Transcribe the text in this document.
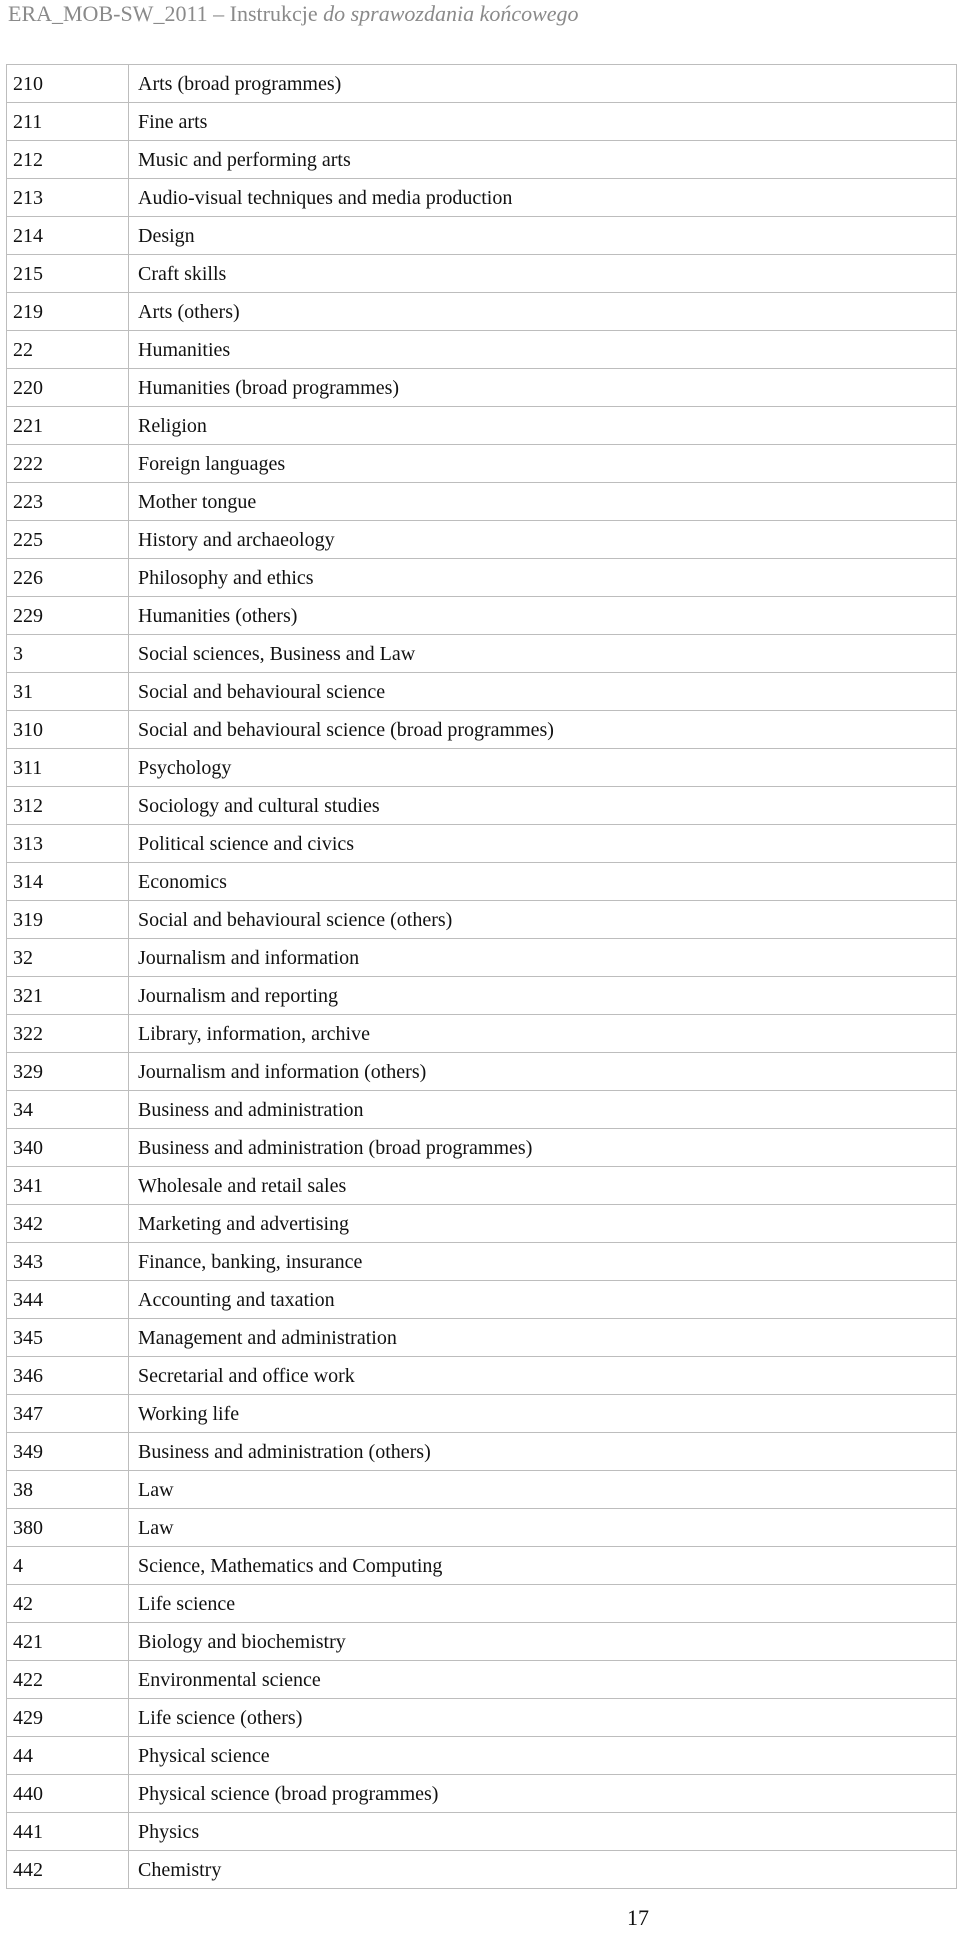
ERA_MOB-SW_2011 – Instrukcje do sprawozdania końcowego
210	Arts (broad programmes)
211	Fine arts
212	Music and performing arts
213	Audio-visual techniques and media production
214	Design
215	Craft skills
219	Arts (others)
22	Humanities
220	Humanities (broad programmes)
221	Religion
222	Foreign languages
223	Mother tongue
225	History and archaeology
226	Philosophy and ethics
229	Humanities (others)
3	Social sciences, Business and Law
31	Social and behavioural science
310	Social and behavioural science (broad programmes)
311	Psychology
312	Sociology and cultural studies
313	Political science and civics
314	Economics
319	Social and behavioural science (others)
32	Journalism and information
321	Journalism and reporting
322	Library, information, archive
329	Journalism and information (others)
34	Business and administration
340	Business and administration (broad programmes)
341	Wholesale and retail sales
342	Marketing and advertising
343	Finance, banking, insurance
344	Accounting and taxation
345	Management and administration
346	Secretarial and office work
347	Working life
349	Business and administration (others)
38	Law
380	Law
4	Science, Mathematics and Computing
42	Life science
421	Biology and biochemistry
422	Environmental science
429	Life science (others)
44	Physical science
440	Physical science (broad programmes)
441	Physics
442	Chemistry
17
